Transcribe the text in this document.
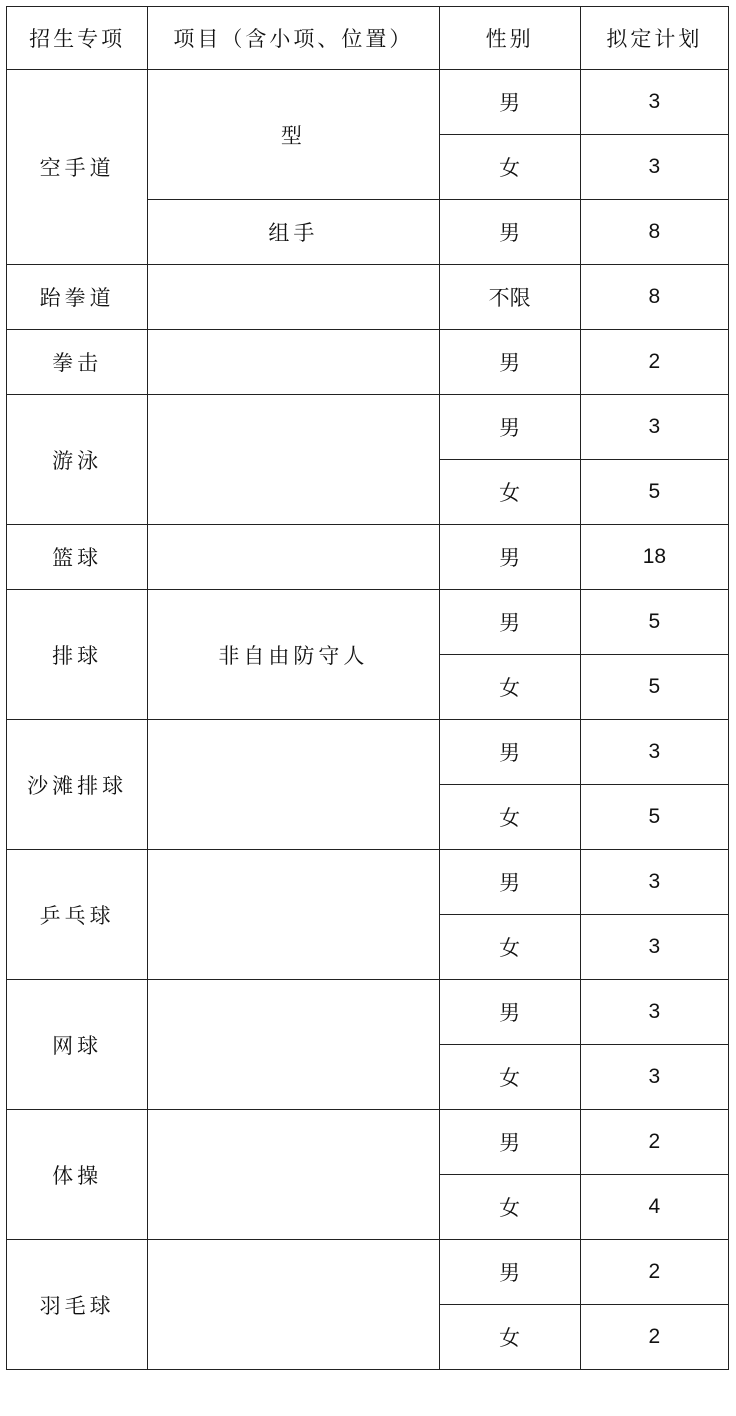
招生专项	项目（含小项、位置）	性别	拟定计划
空手道	型	男	3
		女	3
	组手	男	8
跆拳道		不限	8
拳击		男	2
游泳		男	3
		女	5
篮球		男	18
排球	非自由防守人	男	5
		女	5
沙滩排球		男	3
		女	5
乒乓球		男	3
		女	3
网球		男	3
		女	3
体操		男	2
		女	4
羽毛球		男	2
		女	2
